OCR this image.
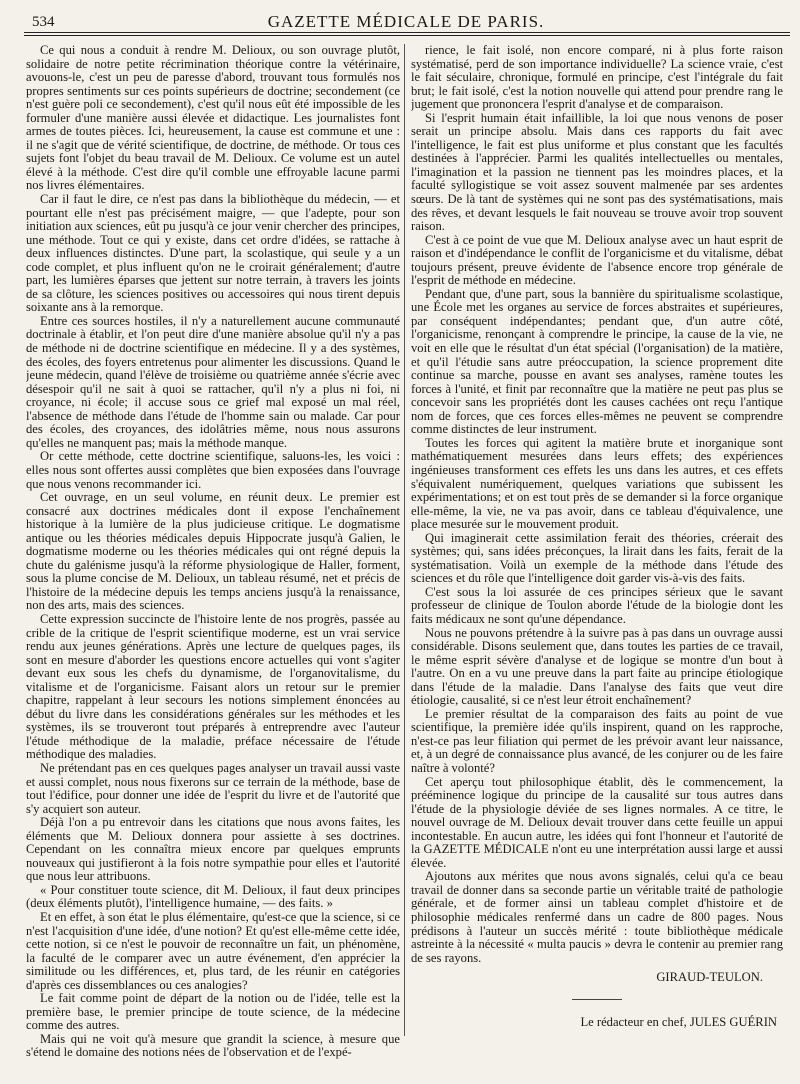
534	GAZETTE MÉDICALE DE PARIS.

Ce qui nous a conduit à rendre M. Delioux, ou son ouvrage plutôt, solidaire de notre petite récrimination théorique contre la vétérinaire, avouons-le, c'est un peu de paresse d'abord, trouvant tous formulés nos propres sentiments sur ces points supérieurs de doctrine; secondement (ce n'est guère poli ce secondement), c'est qu'il nous eût été impossible de les formuler d'une manière aussi élevée et didactique. Les journalistes font armes de toutes pièces. Ici, heureusement, la cause est commune et une : il ne s'agit que de vérité scientifique, de doctrine, de méthode. Or tous ces sujets font l'objet du beau travail de M. Delioux. Ce volume est un autel élevé à la méthode. C'est dire qu'il comble une effroyable lacune parmi nos livres élémentaires.

Car il faut le dire, ce n'est pas dans la bibliothèque du médecin, — et pourtant elle n'est pas précisément maigre, — que l'adepte, pour son initiation aux sciences, eût pu jusqu'à ce jour venir chercher des principes, une méthode. Tout ce qui y existe, dans cet ordre d'idées, se rattache à deux influences distinctes. D'une part, la scolastique, qui seule y a un code complet, et plus influent qu'on ne le croirait généralement; d'autre part, les lumières éparses que jettent sur notre terrain, à travers les joints de sa clôture, les sciences positives ou accessoires qui nous tirent depuis soixante ans à la remorque.

Entre ces sources hostiles, il n'y a naturellement aucune communauté doctrinale à établir, et l'on peut dire d'une manière absolue qu'il n'y a pas de méthode ni de doctrine scientifique en médecine. Il y a des systèmes, des écoles, des foyers entretenus pour alimenter les discussions. Quand le jeune médecin, quand l'élève de troisième ou quatrième année s'écrie avec désespoir qu'il ne sait à quoi se rattacher, qu'il n'y a plus ni foi, ni croyance, ni école; il accuse sous ce grief mal exposé un mal réel, l'absence de méthode dans l'étude de l'homme sain ou malade. Car pour des écoles, des croyances, des idolâtries même, nous nous assurons qu'elles ne manquent pas; mais la méthode manque.

Or cette méthode, cette doctrine scientifique, saluons-les, les voici : elles nous sont offertes aussi complètes que bien exposées dans l'ouvrage que nous venons recommander ici.

Cet ouvrage, en un seul volume, en réunit deux. Le premier est consacré aux doctrines médicales dont il expose l'enchaînement historique à la lumière de la plus judicieuse critique. Le dogmatisme antique ou les théories médicales depuis Hippocrate jusqu'à Galien, le dogmatisme moderne ou les théories médicales qui ont régné depuis la chute du galénisme jusqu'à la réforme physiologique de Haller, forment, sous la plume concise de M. Delioux, un tableau résumé, net et précis de l'histoire de la médecine depuis les temps anciens jusqu'à la renaissance, non des arts, mais des sciences.

Cette expression succincte de l'histoire lente de nos progrès, passée au crible de la critique de l'esprit scientifique moderne, est un vrai service rendu aux jeunes générations. Après une lecture de quelques pages, ils sont en mesure d'aborder les questions encore actuelles qui vont s'agiter devant eux sous les chefs du dynamisme, de l'organovitalisme, du vitalisme et de l'organicisme. Faisant alors un retour sur le premier chapitre, rappelant à leur secours les notions simplement énoncées au début du livre dans les considérations générales sur les méthodes et les systèmes, ils se trouveront tout préparés à entreprendre avec l'auteur l'étude méthodique de la maladie, préface nécessaire de l'étude méthodique des maladies.

Ne prétendant pas en ces quelques pages analyser un travail aussi vaste et aussi complet, nous nous fixerons sur ce terrain de la méthode, base de tout l'édifice, pour donner une idée de l'esprit du livre et de l'autorité que s'y acquiert son auteur.

Déjà l'on a pu entrevoir dans les citations que nous avons faites, les éléments que M. Delioux donnera pour assiette à ses doctrines. Cependant on les connaîtra mieux encore par quelques emprunts nouveaux qui justifieront à la fois notre sympathie pour elles et l'autorité que nous leur attribuons.

« Pour constituer toute science, dit M. Delioux, il faut deux principes (deux éléments plutôt), l'intelligence humaine, — des faits. »

Et en effet, à son état le plus élémentaire, qu'est-ce que la science, si ce n'est l'acquisition d'une idée, d'une notion? Et qu'est elle-même cette idée, cette notion, si ce n'est le pouvoir de reconnaître un fait, un phénomène, la faculté de le comparer avec un autre événement, d'en apprécier la similitude ou les différences, et, plus tard, de les réunir en catégories d'après ces dissemblances ou ces analogies?

Le fait comme point de départ de la notion ou de l'idée, telle est la première base, le premier principe de toute science, de la médecine comme des autres.

Mais qui ne voit qu'à mesure que grandit la science, à mesure que s'étend le domaine des notions nées de l'observation et de l'expé-

rience, le fait isolé, non encore comparé, ni à plus forte raison systématisé, perd de son importance individuelle? La science vraie, c'est le fait séculaire, chronique, formulé en principe, c'est l'intégrale du fait brut; le fait isolé, c'est la notion nouvelle qui attend pour prendre rang le jugement que prononcera l'esprit d'analyse et de comparaison.

Si l'esprit humain était infaillible, la loi que nous venons de poser serait un principe absolu. Mais dans ces rapports du fait avec l'intelligence, le fait est plus uniforme et plus constant que les facultés destinées à l'apprécier. Parmi les qualités intellectuelles ou mentales, l'imagination et la passion ne tiennent pas les moindres places, et la faculté syllogistique se voit assez souvent malmenée par ses ardentes sœurs. De là tant de systèmes qui ne sont pas des systématisations, mais des rêves, et devant lesquels le fait nouveau se trouve avoir trop souvent raison.

C'est à ce point de vue que M. Delioux analyse avec un haut esprit de raison et d'indépendance le conflit de l'organicisme et du vitalisme, débat toujours présent, preuve évidente de l'absence encore trop générale de l'esprit de méthode en médecine.

Pendant que, d'une part, sous la bannière du spiritualisme scolastique, une École met les organes au service de forces abstraites et supérieures, par conséquent indépendantes; pendant que, d'un autre côté, l'organicisme, renonçant à comprendre le principe, la cause de la vie, ne voit en elle que le résultat d'un état spécial (l'organisation) de la matière, et qu'il l'étudie sans autre préoccupation, la science proprement dite continue sa marche, pousse en avant ses analyses, ramène toutes les forces à l'unité, et finit par reconnaître que la matière ne peut pas plus se concevoir sans les propriétés dont les causes cachées ont reçu l'antique nom de forces, que ces forces elles-mêmes ne peuvent se comprendre comme distinctes de leur instrument.

Toutes les forces qui agitent la matière brute et inorganique sont mathématiquement mesurées dans leurs effets; des expériences ingénieuses transforment ces effets les uns dans les autres, et ces effets s'équivalent numériquement, quelques variations que subissent les expérimentations; et on est tout près de se demander si la force organique elle-même, la vie, ne va pas avoir, dans ce tableau d'équivalence, une place mesurée sur le mouvement produit.

Qui imaginerait cette assimilation ferait des théories, créerait des systèmes; qui, sans idées préconçues, la lirait dans les faits, ferait de la systématisation. Voilà un exemple de la méthode dans l'étude des sciences et du rôle que l'intelligence doit garder vis-à-vis des faits.

C'est sous la loi assurée de ces principes sérieux que le savant professeur de clinique de Toulon aborde l'étude de la biologie dont les faits médicaux ne sont qu'une dépendance.

Nous ne pouvons prétendre à la suivre pas à pas dans un ouvrage aussi considérable. Disons seulement que, dans toutes les parties de ce travail, le même esprit sévère d'analyse et de logique se montre d'un bout à l'autre. On en a vu une preuve dans la part faite au principe étiologique dans l'étude de la maladie. Dans l'analyse des faits que veut dire étiologie, causalité, si ce n'est leur étroit enchaînement?

Le premier résultat de la comparaison des faits au point de vue scientifique, la première idée qu'ils inspirent, quand on les rapproche, n'est-ce pas leur filiation qui permet de les prévoir avant leur naissance, et, à un degré de connaissance plus avancé, de les conjurer ou de les faire naître à volonté?

Cet aperçu tout philosophique établit, dès le commencement, la prééminence logique du principe de la causalité sur tous autres dans l'étude de la physiologie déviée de ses lignes normales. A ce titre, le nouvel ouvrage de M. Delioux devait trouver dans cette feuille un appui incontestable. En aucun autre, les idées qui font l'honneur et l'autorité de la GAZETTE MÉDICALE n'ont eu une interprétation aussi large et aussi élevée.

Ajoutons aux mérites que nous avons signalés, celui qu'a ce beau travail de donner dans sa seconde partie un véritable traité de pathologie générale, et de former ainsi un tableau complet d'histoire et de philosophie médicales renfermé dans un cadre de 800 pages. Nous prédisons à l'auteur un succès mérité : toute bibliothèque médicale astreinte à la nécessité « multa paucis » devra le contenir au premier rang de ses rayons.

GIRAUD-TEULON.
Le rédacteur en chef, JULES GUÉRIN
